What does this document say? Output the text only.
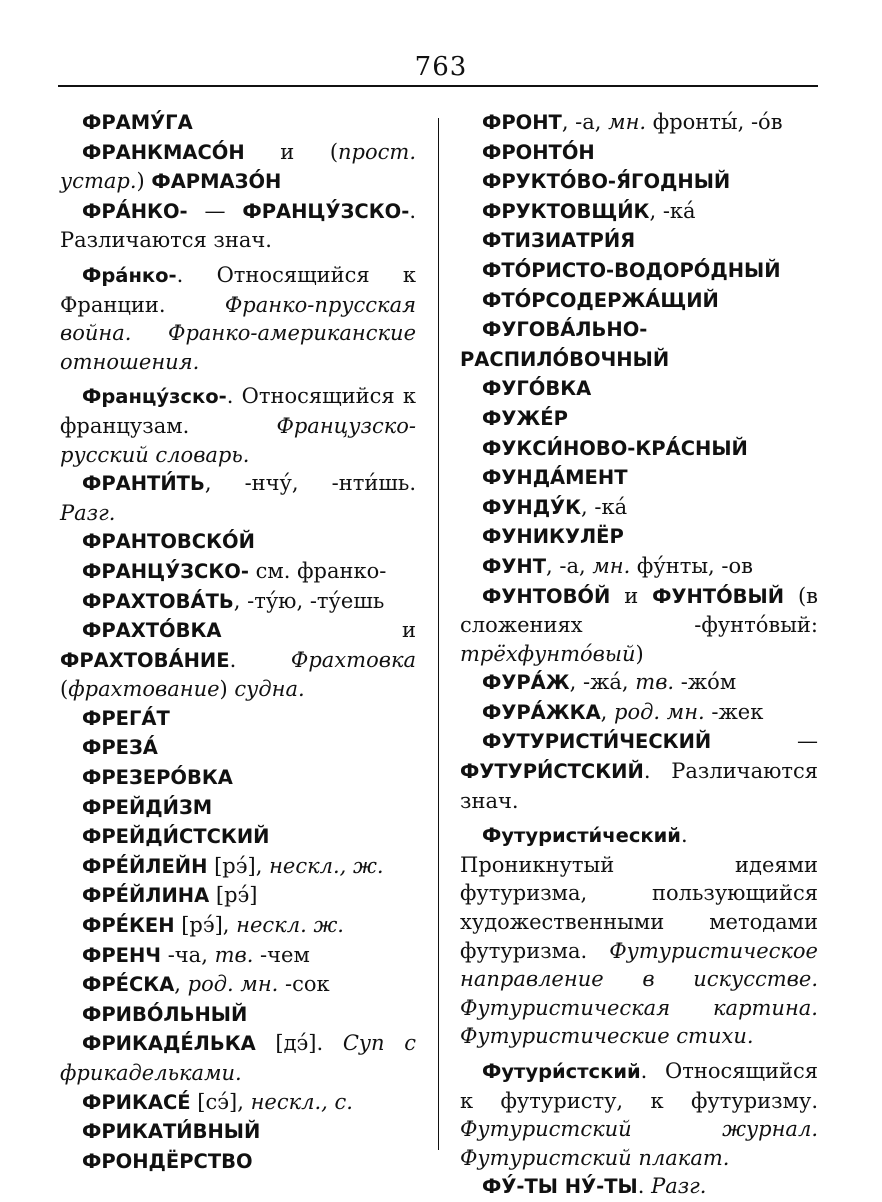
763

ФРАМУ́ГА

ФРАНКМАСО́Н и (прост. устар.) ФАРМАЗО́Н

ФРА́НКО- — ФРАНЦУ́ЗСКО-. Различаются знач.

Фра́нко-. Относящийся к Франции. Франко-прусская война. Франко-американские отношения.

Францу́зско-. Относящийся к французам. Французско-русский словарь.

ФРАНТИ́ТЬ, -нчу́, -нти́шь. Разг.

ФРАНТОВСКО́Й

ФРАНЦУ́ЗСКО- см. франко-

ФРАХТОВА́ТЬ, -ту́ю, -ту́ешь

ФРАХТО́ВКА и ФРАХТОВА́НИЕ. Фрахтовка (фрахтование) судна.

ФРЕГА́Т

ФРЕЗА́

ФРЕЗЕРО́ВКА

ФРЕЙДИ́ЗМ

ФРЕЙДИ́СТСКИЙ

ФРЕ́ЙЛЕЙН [рэ́], нескл., ж.

ФРЕ́ЙЛИНА [рэ́]

ФРЕ́КЕН [рэ́], нескл. ж.

ФРЕНЧ -ча, тв. -чем

ФРЕ́СКА, род. мн. -сок

ФРИВО́ЛЬНЫЙ

ФРИКАДЕ́ЛЬКА [дэ́]. Суп с фрикадельками.

ФРИКАСЕ́ [сэ́], нескл., с.

ФРИКАТИ́ВНЫЙ

ФРОНДЁРСТВО

ФРОНТ, -а, мн. фронты́, -о́в

ФРОНТО́Н

ФРУКТО́ВО-Я́ГОДНЫЙ

ФРУКТОВЩИ́К, -ка́

ФТИЗИАТРИ́Я

ФТО́РИСТО-ВОДОРО́ДНЫЙ

ФТО́РСОДЕРЖА́ЩИЙ

ФУГОВА́ЛЬНО-РАСПИЛО́ВОЧНЫЙ

ФУГО́ВКА

ФУЖЕ́Р

ФУКСИ́НОВО-КРА́СНЫЙ

ФУНДА́МЕНТ

ФУНДУ́К, -ка́

ФУНИКУЛЁР

ФУНТ, -а, мн. фу́нты, -ов

ФУНТОВО́Й и ФУНТО́ВЫЙ (в сложениях -фунто́вый: трёхфунто́вый)

ФУРА́Ж, -жа́, тв. -жо́м

ФУРА́ЖКА, род. мн. -жек

ФУТУРИСТИ́ЧЕСКИЙ — ФУТУРИ́СТСКИЙ. Различаются знач.

Футуристи́ческий. Проникнутый идеями футуризма, пользующийся художественными методами футуризма. Футуристическое направление в искусстве. Футуристическая картина. Футуристические стихи.

Футури́стский. Относящийся к футуристу, к футуризму. Футуристский журнал. Футуристский плакат.

ФУ́-ТЫ НУ́-ТЫ. Разг.
